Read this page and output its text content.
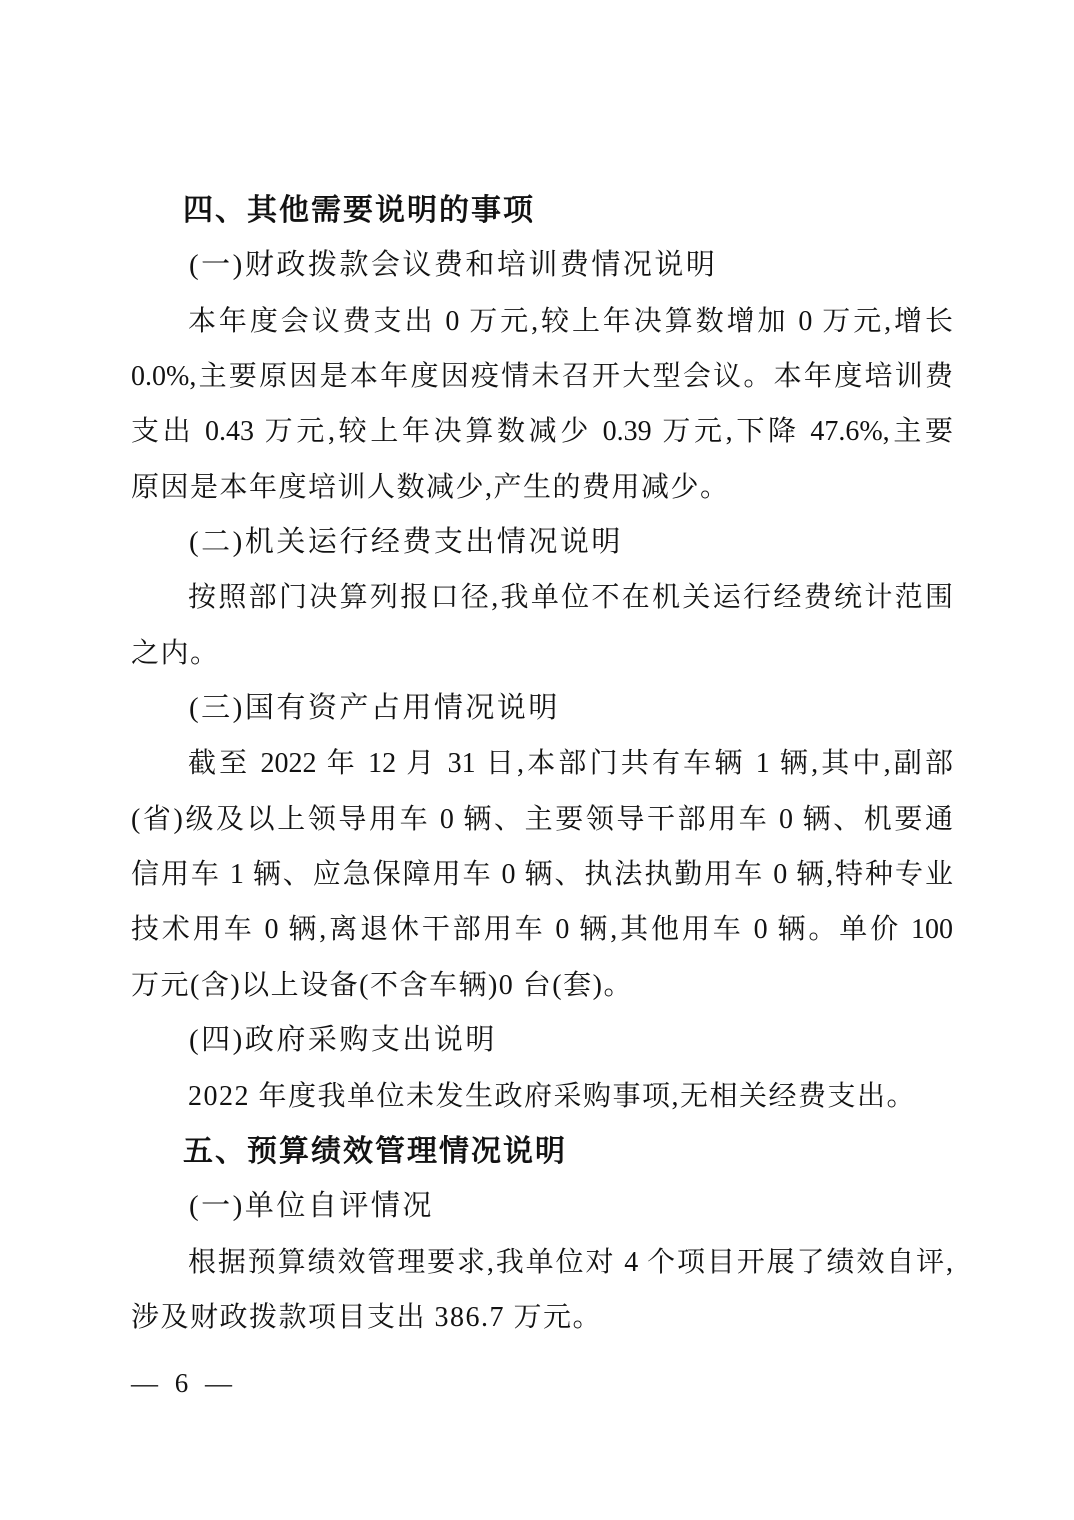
四、其他需要说明的事项
(一)财政拨款会议费和培训费情况说明
本年度会议费支出 0 万元,较上年决算数增加 0 万元,增长
0.0%,主要原因是本年度因疫情未召开大型会议。本年度培训费
支出 0.43 万元,较上年决算数减少 0.39 万元,下降 47.6%,主要
原因是本年度培训人数减少,产生的费用减少。
(二)机关运行经费支出情况说明
按照部门决算列报口径,我单位不在机关运行经费统计范围
之内。
(三)国有资产占用情况说明
截至 2022 年 12 月 31 日,本部门共有车辆 1 辆,其中,副部
(省)级及以上领导用车 0 辆、主要领导干部用车 0 辆、机要通
信用车 1 辆、应急保障用车 0 辆、执法执勤用车 0 辆,特种专业
技术用车 0 辆,离退休干部用车 0 辆,其他用车 0 辆。单价 100
万元(含)以上设备(不含车辆)0 台(套)。
(四)政府采购支出说明
2022 年度我单位未发生政府采购事项,无相关经费支出。
五、预算绩效管理情况说明
(一)单位自评情况
根据预算绩效管理要求,我单位对 4 个项目开展了绩效自评,
涉及财政拨款项目支出 386.7 万元。
— 6 —
